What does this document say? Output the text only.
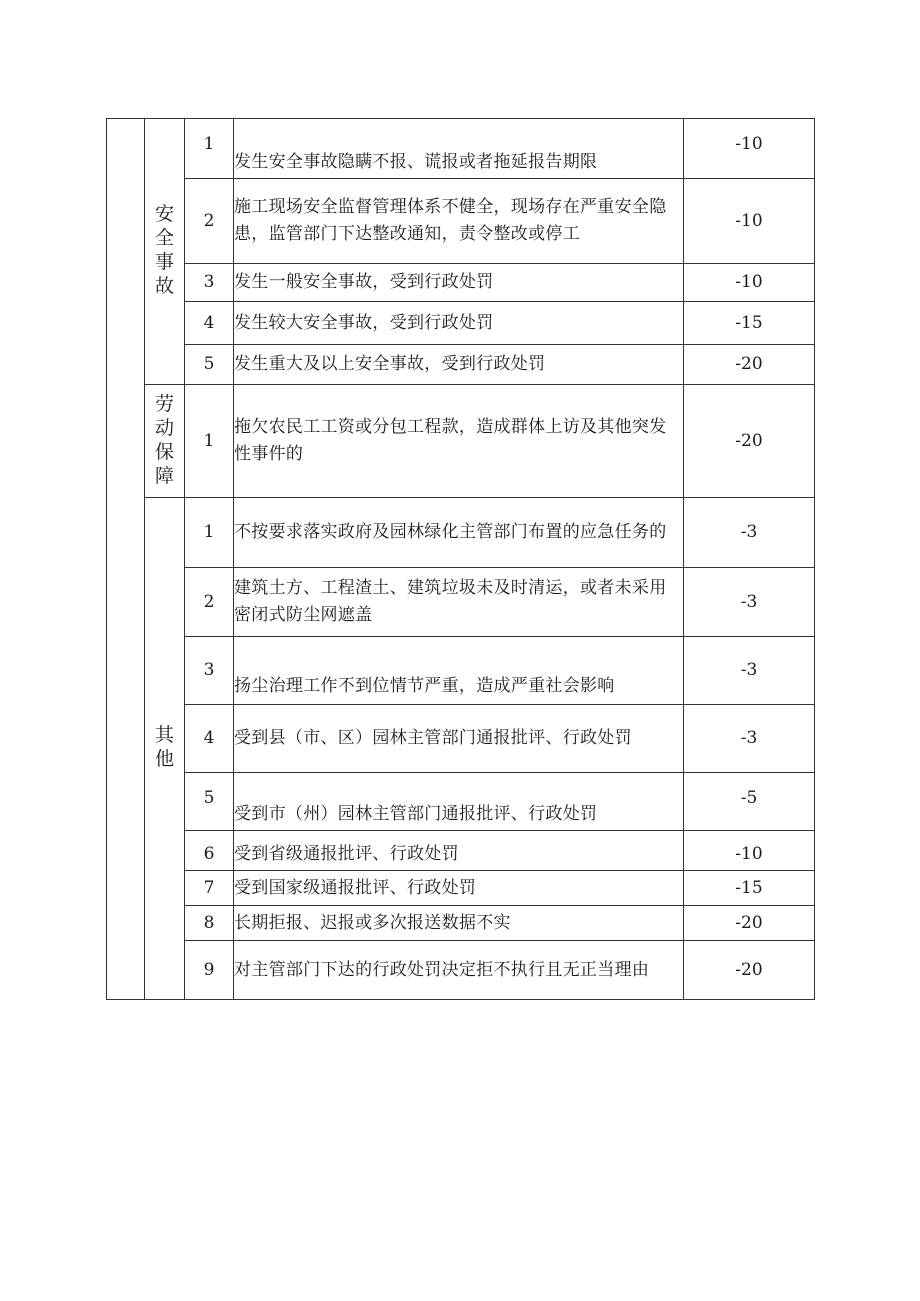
	安全事故	1	发生安全事故隐瞒不报、谎报或者拖延报告期限	-10
		2	施工现场安全监督管理体系不健全，现场存在严重安全隐患，监管部门下达整改通知，责令整改或停工	-10
		3	发生一般安全事故，受到行政处罚	-10
		4	发生较大安全事故，受到行政处罚	-15
		5	发生重大及以上安全事故，受到行政处罚	-20
	劳动保障	1	拖欠农民工工资或分包工程款，造成群体上访及其他突发性事件的	-20
	其他	1	不按要求落实政府及园林绿化主管部门布置的应急任务的	-3
		2	建筑土方、工程渣土、建筑垃圾未及时清运，或者未采用密闭式防尘网遮盖	-3
		3	扬尘治理工作不到位情节严重，造成严重社会影响	-3
		4	受到县（市、区）园林主管部门通报批评、行政处罚	-3
		5	受到市（州）园林主管部门通报批评、行政处罚	-5
		6	受到省级通报批评、行政处罚	-10
		7	受到国家级通报批评、行政处罚	-15
		8	长期拒报、迟报或多次报送数据不实	-20
		9	对主管部门下达的行政处罚决定拒不执行且无正当理由	-20
